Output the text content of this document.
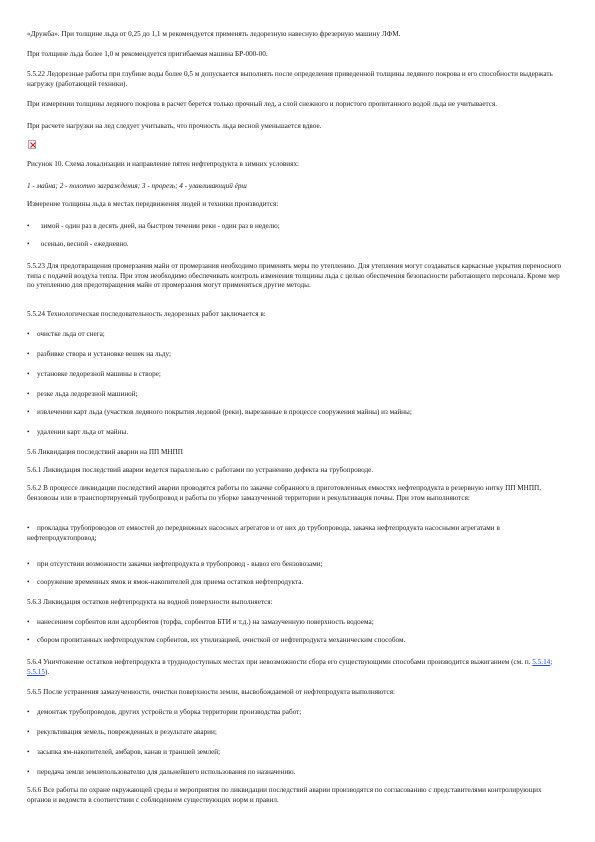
«Дружба». При толщине льда от 0,25 до 1,1 м рекомендуется применять ледорезную навесную фрезерную машину ЛФМ.

При толщине льда более 1,0 м рекомендуется пригибаемая машина БР-000-00.

5.5.22 Ледорезные работы при глубине воды более 0,5 м допускается выполнять после определения приведенной толщины ледяного покрова и его способности выдержать нагрузку (работающей техники).

При измерении толщины ледяного покрова в расчет берется только прочный лед, а слой снежного и пористого пропитанного водой льда не учитывается.

При расчете нагрузки на лед следует учитывать, что прочность льда весной уменьшается вдвое.

Рисунок 10. Схема локализации и направление пятен нефтепродукта в зимних условиях:

1 - майна; 2 - полотно заграждения; 3 - прорезь; 4 - улавливающий ёрш

Измерение толщины льда в местах передвижения людей и техники производится:

• зимой - один раз в десять дней, на быстром течении реки - один раз в неделю;

• осенью, весной - ежедневно.

5.5.23 Для предотвращения промерзания майн от промерзания необходимо применять меры по утеплению. Для утепления могут создаваться каркасные укрытия переносного типа с подачей воздуха тепла. При этом необходимо обеспечивать контроль изменения толщины льда с целью обеспечения безопасности работающего персонала. Кроме мер по утеплению для предотвращения майн от промерзания могут применяться другие методы.

5.5.24 Технологическая последовательность ледорезных работ заключается в:

• очистке льда от снега;

• разбивке створа и установке вешек на льду;

• установке ледорезной машины в створе;

• резке льда ледорезной машиной;

• извлечении карт льда (участков ледяного покрытия ледовой (реки), вырезанные в процессе сооружения майны) из майны;

• удалении карт льда от майны.

5.6 Ликвидация последствий аварии на ПП МНПП

5.6.1 Ликвидация последствий аварии ведется параллельно с работами по устранению дефекта на трубопроводе.

5.6.2 В процессе ликвидации последствий аварии проводятся работы по закачке собранного в приготовленных емкостях нефтепродукта в резервную нитку ПП МНПП, бензовозы или в транспортируемый трубопровод и работы по уборке замазученной территории и рекультивация почвы. При этом выполняются:

• прокладка трубопроводов от емкостей до передвижных насосных агрегатов и от них до трубопровода, закачка нефтепродукта насосными агрегатами в нефтепродуктопровод;

• при отсутствии возможности закачки нефтепродукта в трубопровод - вывоз его бензовозами;

• сооружение временных ямок и ямок-накопителей для приема остатков нефтепродукта.

5.6.3 Ликвидация остатков нефтепродукта на водной поверхности выполняется:

• нанесением сорбентов или адсорбентов (торфа, сорбентов БТИ и т.д.) на замазученную поверхность водоема;

• сбором пропитанных нефтепродуктом сорбентов, их утилизацией, очисткой от нефтепродукта механическим способом.

5.6.4 Уничтожение остатков нефтепродукта в труднодоступных местах при невозможности сбора его существующими способами производится выжиганием (см. п. 5.5.14; 5.5.15).

5.6.5 После устранения замазученности, очистки поверхности земли, высвобождаемой от нефтепродукта выполняются:

• демонтаж трубопроводов, других устройств и уборка территории производства работ;

• рекультивация земель, поврежденных в результате аварии;

• засыпка ям-накопителей, амбаров, канав и траншей землей;

• передача земли землепользователю для дальнейшего использования по назначению.

5.6.6 Все работы по охране окружающей среды и мероприятия по ликвидации последствий аварии производятся по согласованию с представителями контролирующих органов и ведомств в соответствии с соблюдением существующих норм и правил.
